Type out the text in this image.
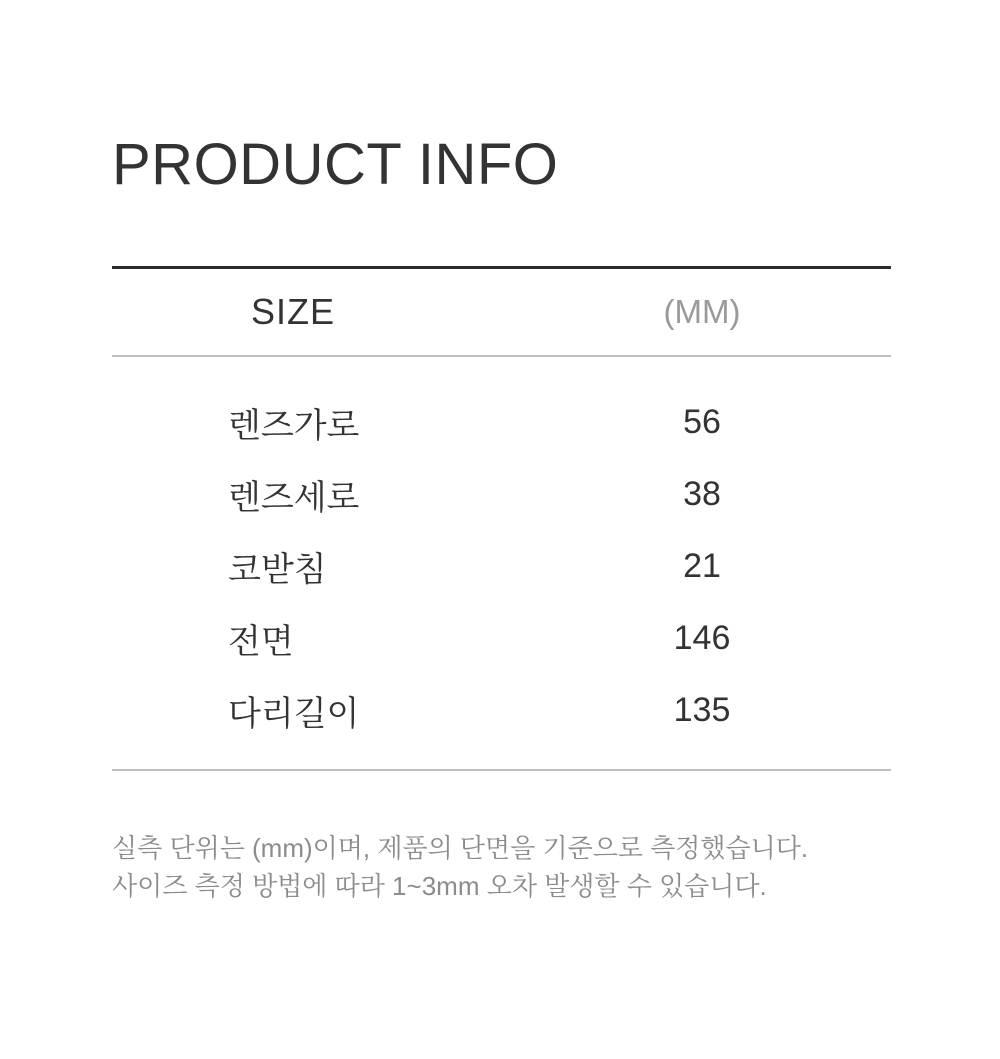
PRODUCT INFO
SIZE	(MM)
렌즈가로	56
렌즈세로	38
코받침	21
전면	146
다리길이	135
실측 단위는 (mm)이며, 제품의 단면을 기준으로 측정했습니다.
사이즈 측정 방법에 따라 1~3mm 오차 발생할 수 있습니다.
